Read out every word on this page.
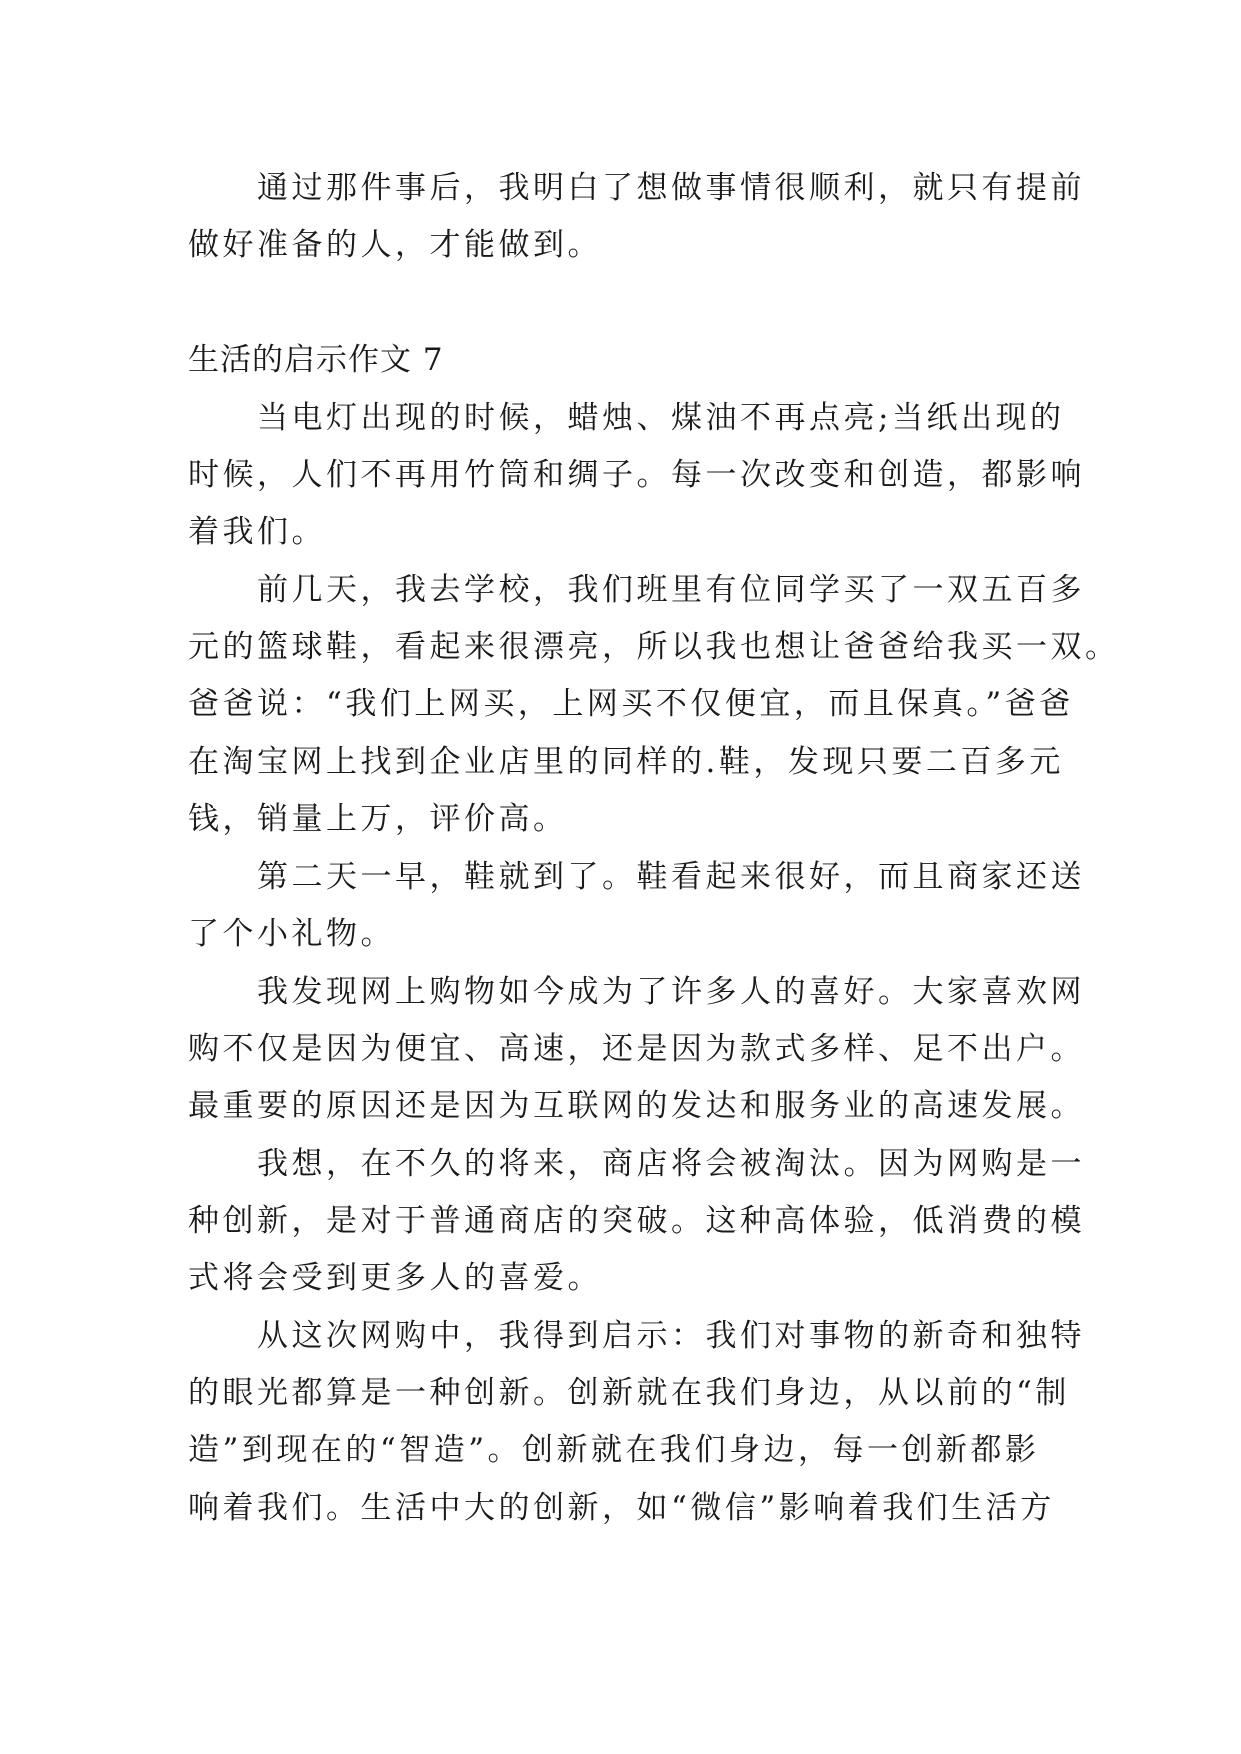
　　通过那件事后，我明白了想做事情很顺利，就只有提前
做好准备的人，才能做到。
生活的启示作文 7
　　当电灯出现的时候，蜡烛、煤油不再点亮;当纸出现的
时候，人们不再用竹筒和绸子。每一次改变和创造，都影响
着我们。
　　前几天，我去学校，我们班里有位同学买了一双五百多
元的篮球鞋，看起来很漂亮，所以我也想让爸爸给我买一双。
爸爸说：“我们上网买，上网买不仅便宜，而且保真。”爸爸
在淘宝网上找到企业店里的同样的.鞋，发现只要二百多元
钱，销量上万，评价高。
　　第二天一早，鞋就到了。鞋看起来很好，而且商家还送
了个小礼物。
　　我发现网上购物如今成为了许多人的喜好。大家喜欢网
购不仅是因为便宜、高速，还是因为款式多样、足不出户。
最重要的原因还是因为互联网的发达和服务业的高速发展。
　　我想，在不久的将来，商店将会被淘汰。因为网购是一
种创新，是对于普通商店的突破。这种高体验，低消费的模
式将会受到更多人的喜爱。
　　从这次网购中，我得到启示：我们对事物的新奇和独特
的眼光都算是一种创新。创新就在我们身边，从以前的“制
造”到现在的“智造”。创新就在我们身边，每一创新都影
响着我们。生活中大的创新，如“微信”影响着我们生活方
